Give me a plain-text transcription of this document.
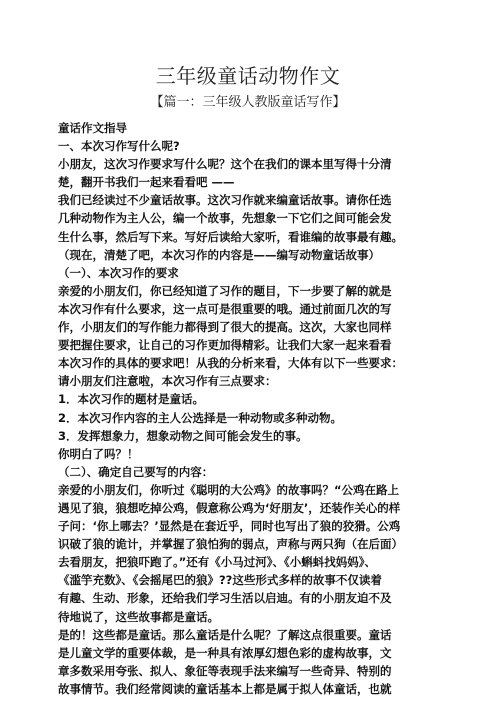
三年级童话动物作文
【篇一：三年级人教版童话写作】
童话作文指导
一、本次习作写什么呢?
小朋友，这次习作要求写什么呢？这个在我们的课本里写得十分清
楚，翻开书我们一起来看看吧 ——
我们已经读过不少童话故事。这次习作就来编童话故事。请你任选
几种动物作为主人公，编一个故事，先想象一下它们之间可能会发
生什么事，然后写下来。写好后读给大家听，看谁编的故事最有趣。
（现在，清楚了吧，本次习作的内容是——编写动物童话故事）
（一）、本次习作的要求
亲爱的小朋友们，你已经知道了习作的题目，下一步要了解的就是
本次习作有什么要求，这一点可是很重要的哦。通过前面几次的写
作，小朋友们的写作能力都得到了很大的提高。这次，大家也同样
要把握住要求，让自己的习作更加得精彩。让我们大家一起来看看
本次习作的具体的要求吧！从我的分析来看，大体有以下一些要求：
请小朋友们注意啦，本次习作有三点要求：
1．本次习作的题材是童话。
2．本次习作内容的主人公选择是一种动物或多种动物。
3．发挥想象力，想象动物之间可能会发生的事。
你明白了吗？！
（二）、确定自己要写的内容：
亲爱的小朋友们，你听过《聪明的大公鸡》的故事吗？“公鸡在路上
遇见了狼，狼想吃掉公鸡，假意称公鸡为‘好朋友’，还装作关心的样
子问：‘你上哪去？’显然是在套近乎，同时也写出了狼的狡猾。公鸡
识破了狼的诡计，并掌握了狼怕狗的弱点，声称与两只狗（在后面）
去看朋友，把狼吓跑了。”还有《小马过河》、《小蝌蚪找妈妈》、
《滥竽充数》、《会摇尾巴的狼》??这些形式多样的故事不仅读着
有趣、生动、形象，还给我们学习生活以启迪。有的小朋友迫不及
待地说了，这些故事都是童话。
是的！这些都是童话。那么童话是什么呢？了解这点很重要。童话
是儿童文学的重要体裁，是一种具有浓厚幻想色彩的虚构故事，文
章多数采用夸张、拟人、象征等表现手法来编写一些奇异、特别的
故事情节。我们经常阅读的童话基本上都是属于拟人体童话，也就
